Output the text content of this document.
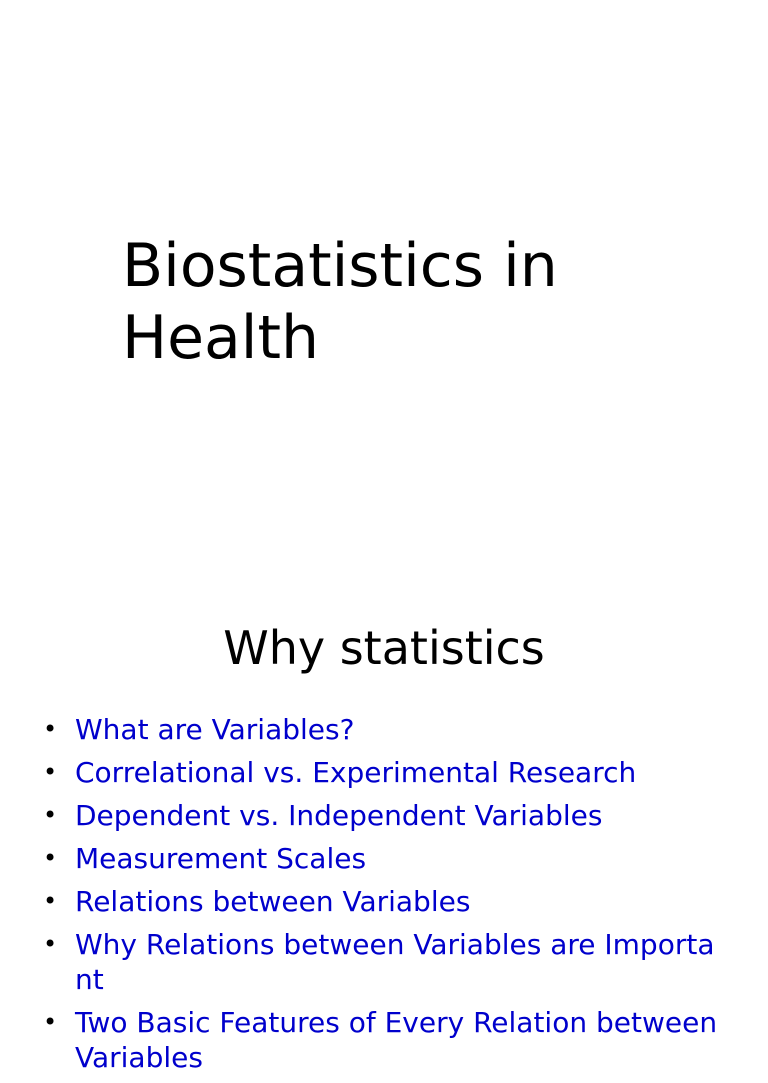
Biostatistics in Health
Why statistics
• What are Variables?
• Correlational vs. Experimental Research
• Dependent vs. Independent Variables
• Measurement Scales
• Relations between Variables
• Why Relations between Variables are Important
• Two Basic Features of Every Relation between Variables
